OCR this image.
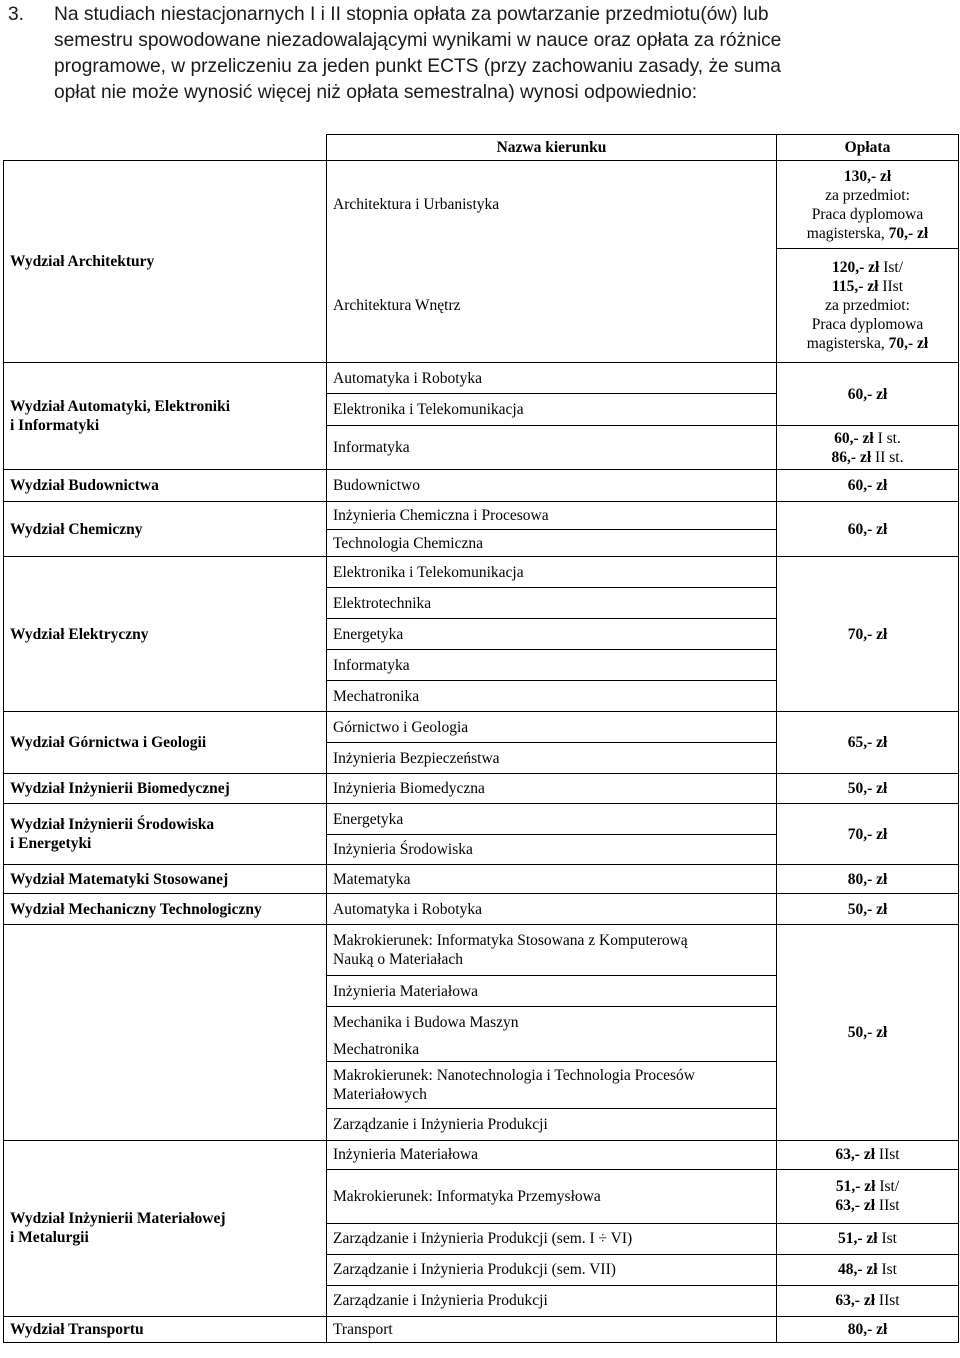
3. Na studiach niestacjonarnych I i II stopnia opłata za powtarzanie przedmiotu(ów) lub
semestru spowodowane niezadowalającymi wynikami w nauce oraz opłata za różnice
programowe, w przeliczeniu za jeden punkt ECTS (przy zachowaniu zasady, że suma
opłat nie może wynosić więcej niż opłata semestralna) wynosi odpowiednio:
	Nazwa kierunku	Opłata
Wydział Architektury	Architektura i Urbanistyka	130,- zł
za przedmiot:
Praca dyplomowa
magisterska, 70,- zł

	Architektura Wnętrz	120,- zł Ist/
115,- zł IIst
za przedmiot:
Praca dyplomowa
magisterska, 70,- zł

Wydział Automatyki, Elektroniki
i Informatyki	Automatyka i Robotyka	60,- zł
	Elektronika i Telekomunikacja	
	Informatyka	60,- zł I st.
86,- zł II st.

Wydział Budownictwa	Budownictwo	60,- zł
Wydział Chemiczny	Inżynieria Chemiczna i Procesowa	60,- zł
	Technologia Chemiczna	
Wydział Elektryczny	Elektronika i Telekomunikacja	70,- zł
	Elektrotechnika	
	Energetyka	
	Informatyka	
	Mechatronika	
Wydział Górnictwa i Geologii	Górnictwo i Geologia	65,- zł
	Inżynieria Bezpieczeństwa	
Wydział Inżynierii Biomedycznej	Inżynieria Biomedyczna	50,- zł

Wydział Inżynierii Środowiska
i Energetyki	Energetyka	70,- zł
	Inżynieria Środowiska	
Wydział Matematyki Stosowanej	Matematyka	80,- zł
Wydział Mechaniczny Technologiczny	Automatyka i Robotyka	50,- zł

	Makrokierunek: Informatyka Stosowana z Komputerową
Nauką o Materiałach	50,- zł
	Inżynieria Materiałowa	
	Mechanika i Budowa Maszyn	
	Mechatronika	

	Makrokierunek: Nanotechnologia i Technologia Procesów
Materiałowych	

	Zarządzanie i Inżynieria Produkcji	

Wydział Inżynierii Materiałowej
i Metalurgii	Inżynieria Materiałowa	63,- zł IIst
	Makrokierunek: Informatyka Przemysłowa	51,- zł Ist/
63,- zł IIst

	Zarządzanie i Inżynieria Produkcji (sem. I ÷ VI)	51,- zł Ist
	Zarządzanie i Inżynieria Produkcji (sem. VII)	48,- zł Ist
	Zarządzanie i Inżynieria Produkcji	63,- zł IIst

Wydział Transportu	Transport	80,- zł
